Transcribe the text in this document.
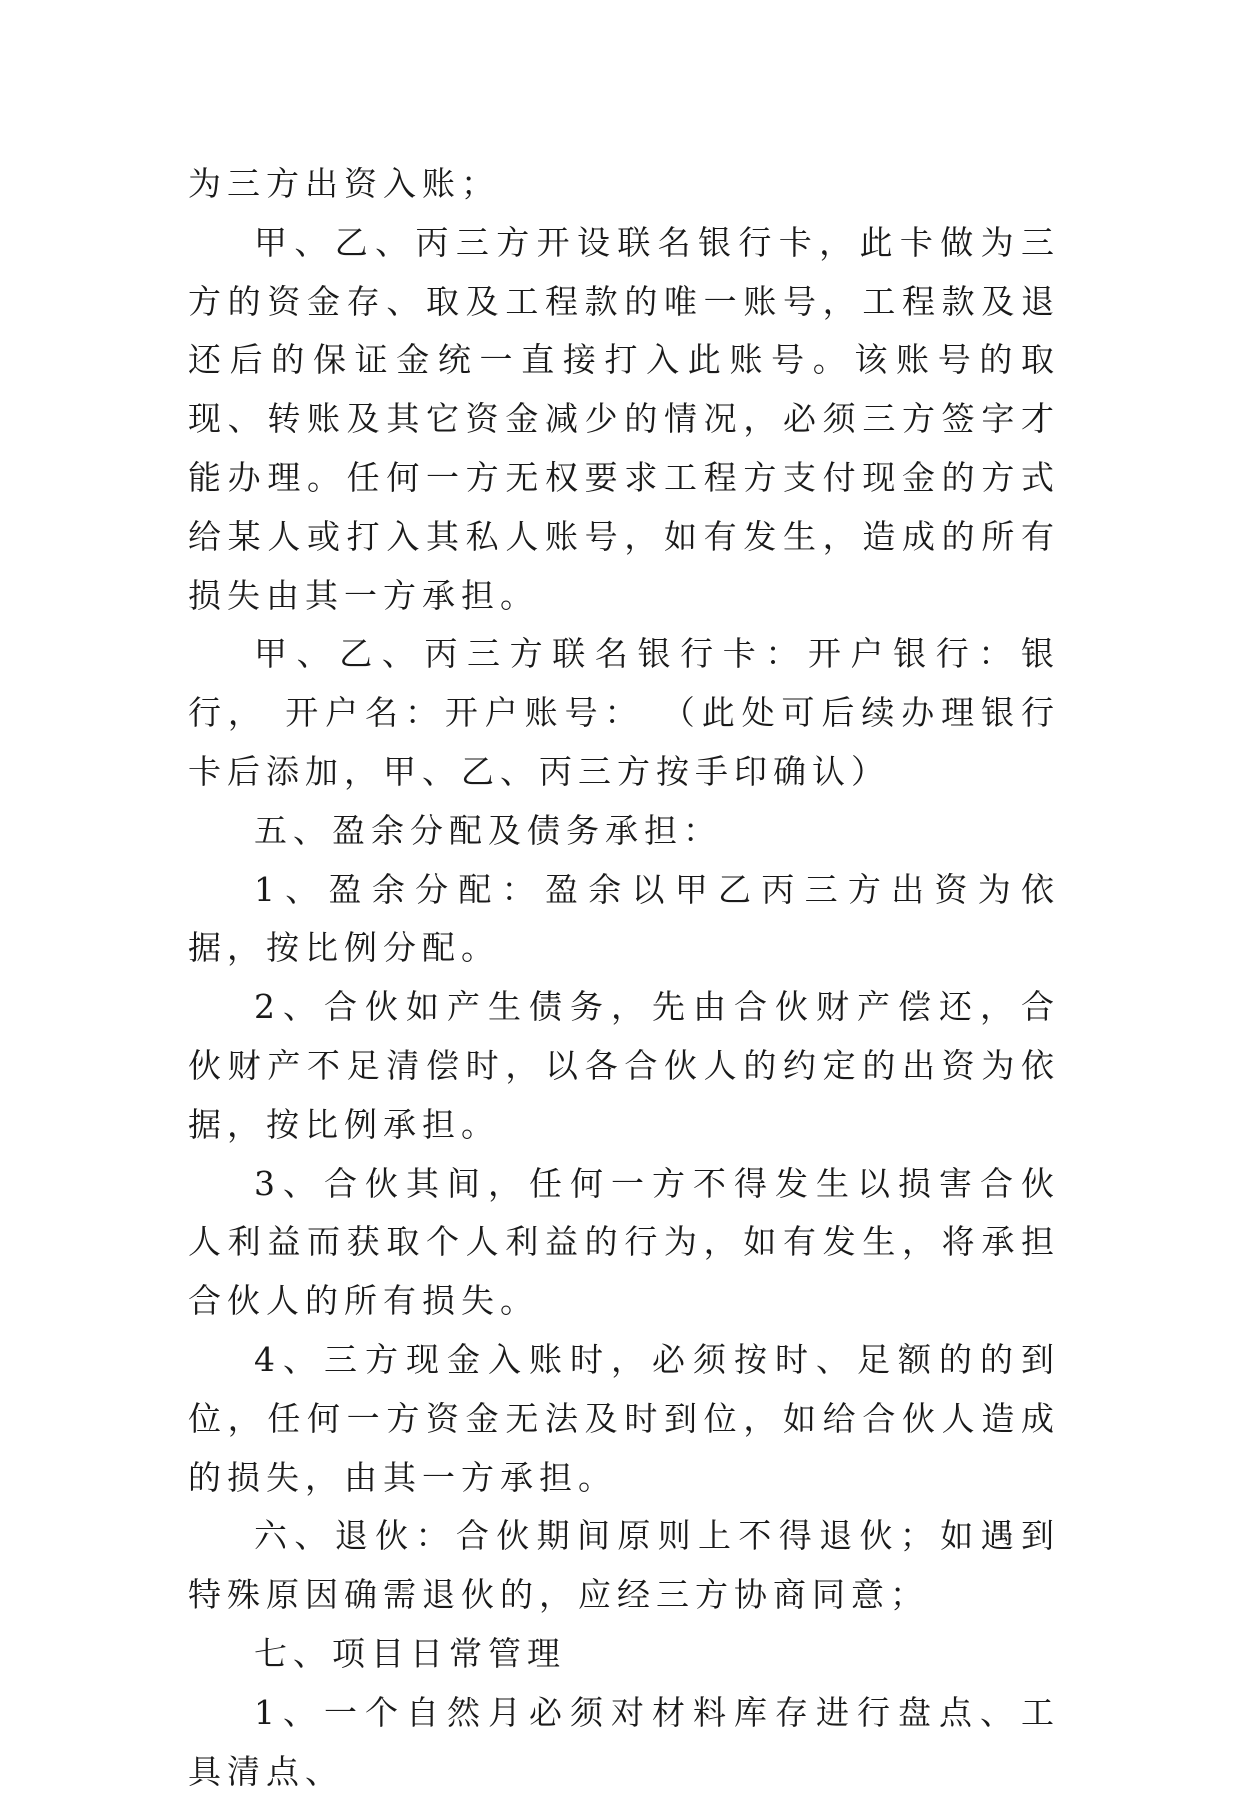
为三方出资入账；

甲、乙、丙三方开设联名银行卡，此卡做为三方的资金存、取及工程款的唯一账号，工程款及退还后的保证金统一直接打入此账号。该账号的取现、转账及其它资金减少的情况，必须三方签字才能办理。任何一方无权要求工程方支付现金的方式给某人或打入其私人账号，如有发生，造成的所有损失由其一方承担。

甲、乙、丙三方联名银行卡：开户银行：银行， 开户名：开户账号： （此处可后续办理银行卡后添加，甲、乙、丙三方按手印确认）

五、盈余分配及债务承担：

1、盈余分配：盈余以甲乙丙三方出资为依据，按比例分配。

2、合伙如产生债务，先由合伙财产偿还，合伙财产不足清偿时，以各合伙人的约定的出资为依据，按比例承担。

3、合伙其间，任何一方不得发生以损害合伙人利益而获取个人利益的行为，如有发生，将承担合伙人的所有损失。

4、三方现金入账时，必须按时、足额的的到位，任何一方资金无法及时到位，如给合伙人造成的损失，由其一方承担。

六、退伙：合伙期间原则上不得退伙；如遇到特殊原因确需退伙的，应经三方协商同意；

七、项目日常管理

1、一个自然月必须对材料库存进行盘点、工具清点、
